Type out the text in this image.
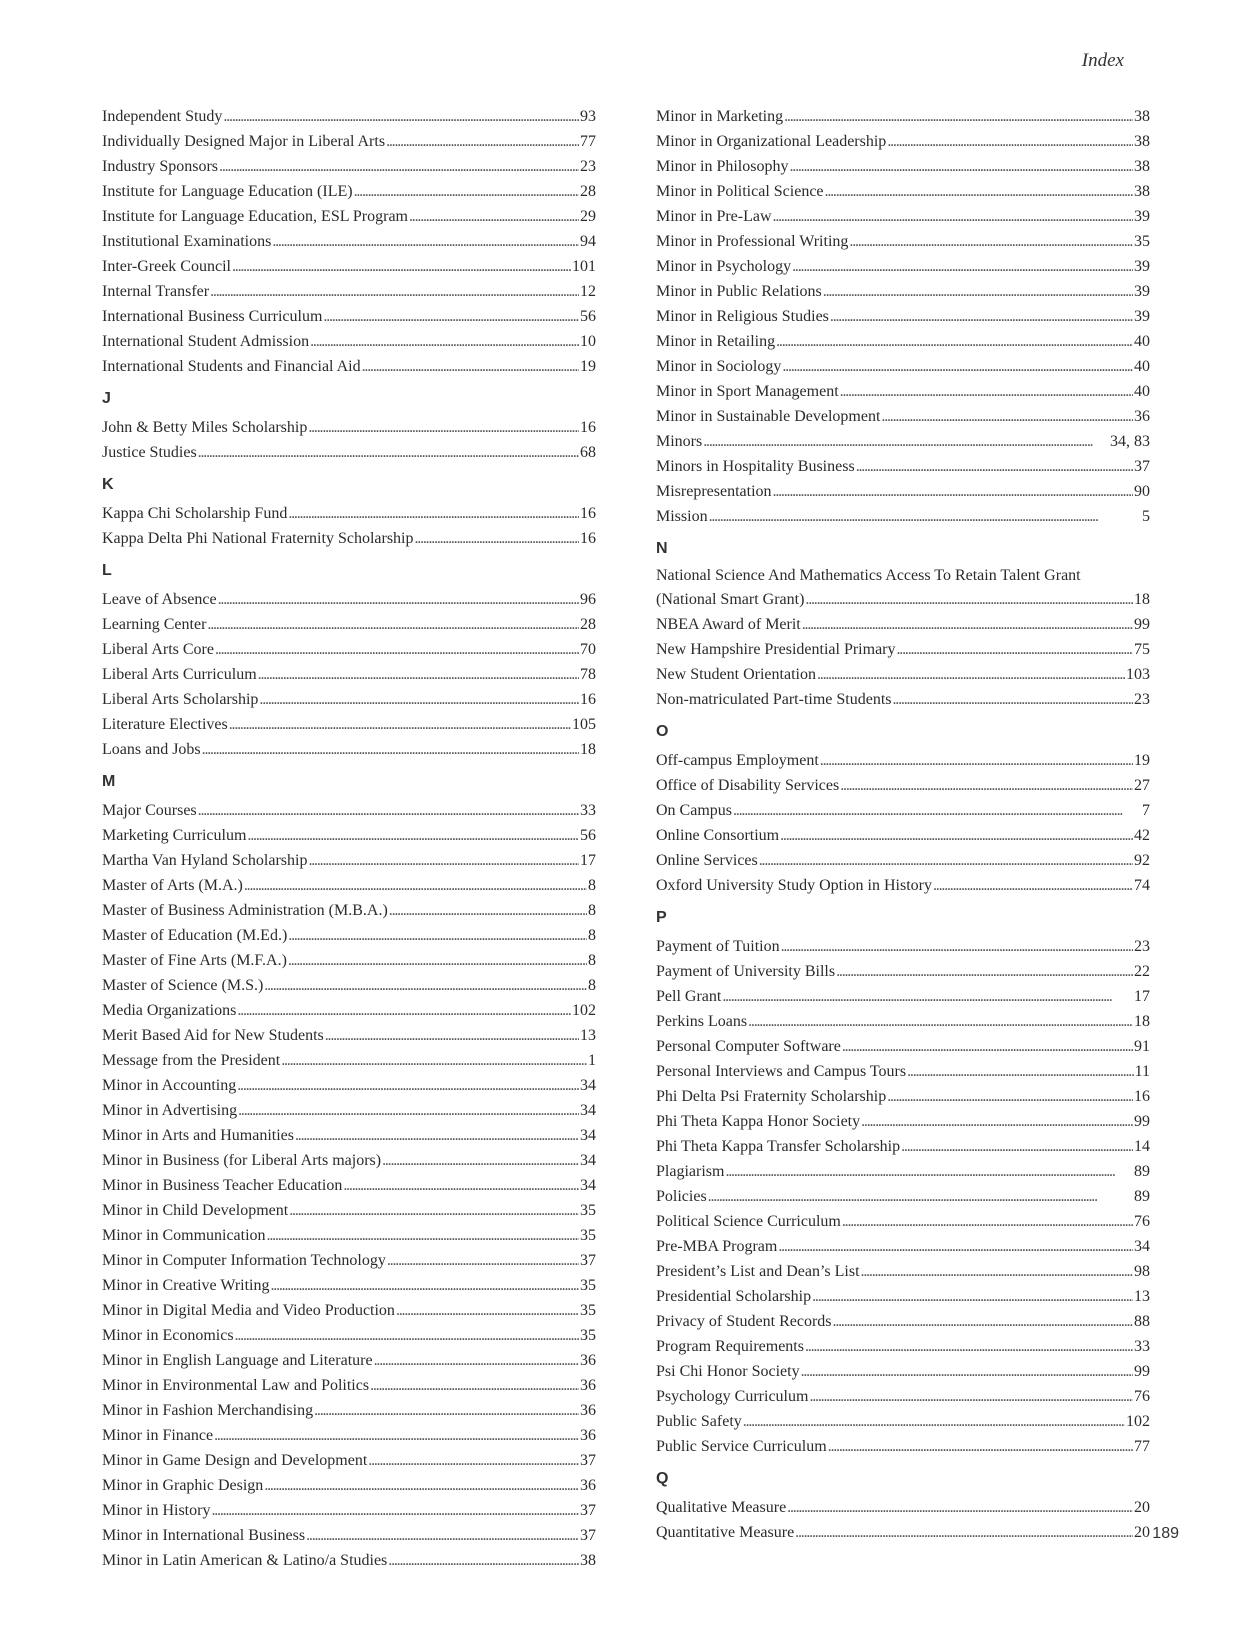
Index
Independent Study . . .	93
Individually Designed Major in Liberal Arts . . .	77
Industry Sponsors . . .	23
Institute for Language Education (ILE) . . .	28
Institute for Language Education, ESL Program . . .	29
Institutional Examinations . . .	94
Inter-Greek Council . . .	101
Internal Transfer . . .	12
International Business Curriculum . . .	56
International Student Admission . . .	10
International Students and Financial Aid . . .	19
J
John & Betty Miles Scholarship . . .	16
Justice Studies . . .	68
K
Kappa Chi Scholarship Fund . . .	16
Kappa Delta Phi National Fraternity Scholarship . . .	16
L
Leave of Absence . . .	96
Learning Center . . .	28
Liberal Arts Core . . .	70
Liberal Arts Curriculum . . .	78
Liberal Arts Scholarship . . .	16
Literature Electives . . .	105
Loans and Jobs . . .	18
M
Major Courses . . .	33
Marketing Curriculum . . .	56
Martha Van Hyland Scholarship . . .	17
Master of Arts (M.A.) . . .	8
Master of Business Administration (M.B.A.) . . .	8
Master of Education (M.Ed.) . . .	8
Master of Fine Arts (M.F.A.) . . .	8
Master of Science (M.S.) . . .	8
Media Organizations . . .	102
Merit Based Aid for New Students . . .	13
Message from the President . . .	1
Minor in Accounting . . .	34
Minor in Advertising . . .	34
Minor in Arts and Humanities . . .	34
Minor in Business (for Liberal Arts majors) . . .	34
Minor in Business Teacher Education . . .	34
Minor in Child Development . . .	35
Minor in Communication . . .	35
Minor in Computer Information Technology . . .	37
Minor in Creative Writing . . .	35
Minor in Digital Media and Video Production . . .	35
Minor in Economics . . .	35
Minor in English Language and Literature . . .	36
Minor in Environmental Law and Politics . . .	36
Minor in Fashion Merchandising . . .	36
Minor in Finance . . .	36
Minor in Game Design and Development . . .	37
Minor in Graphic Design . . .	36
Minor in History . . .	37
Minor in International Business . . .	37
Minor in Latin American & Latino/a Studies . . .	38
Minor in Marketing . . .	38
Minor in Organizational Leadership . . .	38
Minor in Philosophy . . .	38
Minor in Political Science . . .	38
Minor in Pre-Law . . .	39
Minor in Professional Writing . . .	35
Minor in Psychology . . .	39
Minor in Public Relations . . .	39
Minor in Religious Studies . . .	39
Minor in Retailing . . .	40
Minor in Sociology . . .	40
Minor in Sport Management . . .	40
Minor in Sustainable Development . . .	36
Minors . . .	34, 83
Minors in Hospitality Business . . .	37
Misrepresentation . . .	90
Mission . . .	5
N
National Science And Mathematics Access To Retain Talent Grant
(National Smart Grant) . . .	18
NBEA Award of Merit . . .	99
New Hampshire Presidential Primary . . .	75
New Student Orientation . . .	103
Non-matriculated Part-time Students . . .	23
O
Off-campus Employment . . .	19
Office of Disability Services . . .	27
On Campus . . .	7
Online Consortium . . .	42
Online Services . . .	92
Oxford University Study Option in History . . .	74
P
Payment of Tuition . . .	23
Payment of University Bills . . .	22
Pell Grant . . .	17
Perkins Loans . . .	18
Personal Computer Software . . .	91
Personal Interviews and Campus Tours . . .	11
Phi Delta Psi Fraternity Scholarship . . .	16
Phi Theta Kappa Honor Society . . .	99
Phi Theta Kappa Transfer Scholarship . . .	14
Plagiarism . . .	89
Policies . . .	89
Political Science Curriculum . . .	76
Pre-MBA Program . . .	34
President’s List and Dean’s List . . .	98
Presidential Scholarship . . .	13
Privacy of Student Records . . .	88
Program Requirements . . .	33
Psi Chi Honor Society . . .	99
Psychology Curriculum . . .	76
Public Safety . . .	102
Public Service Curriculum . . .	77
Q
Qualitative Measure . . .	20
Quantitative Measure . . .	20 189
